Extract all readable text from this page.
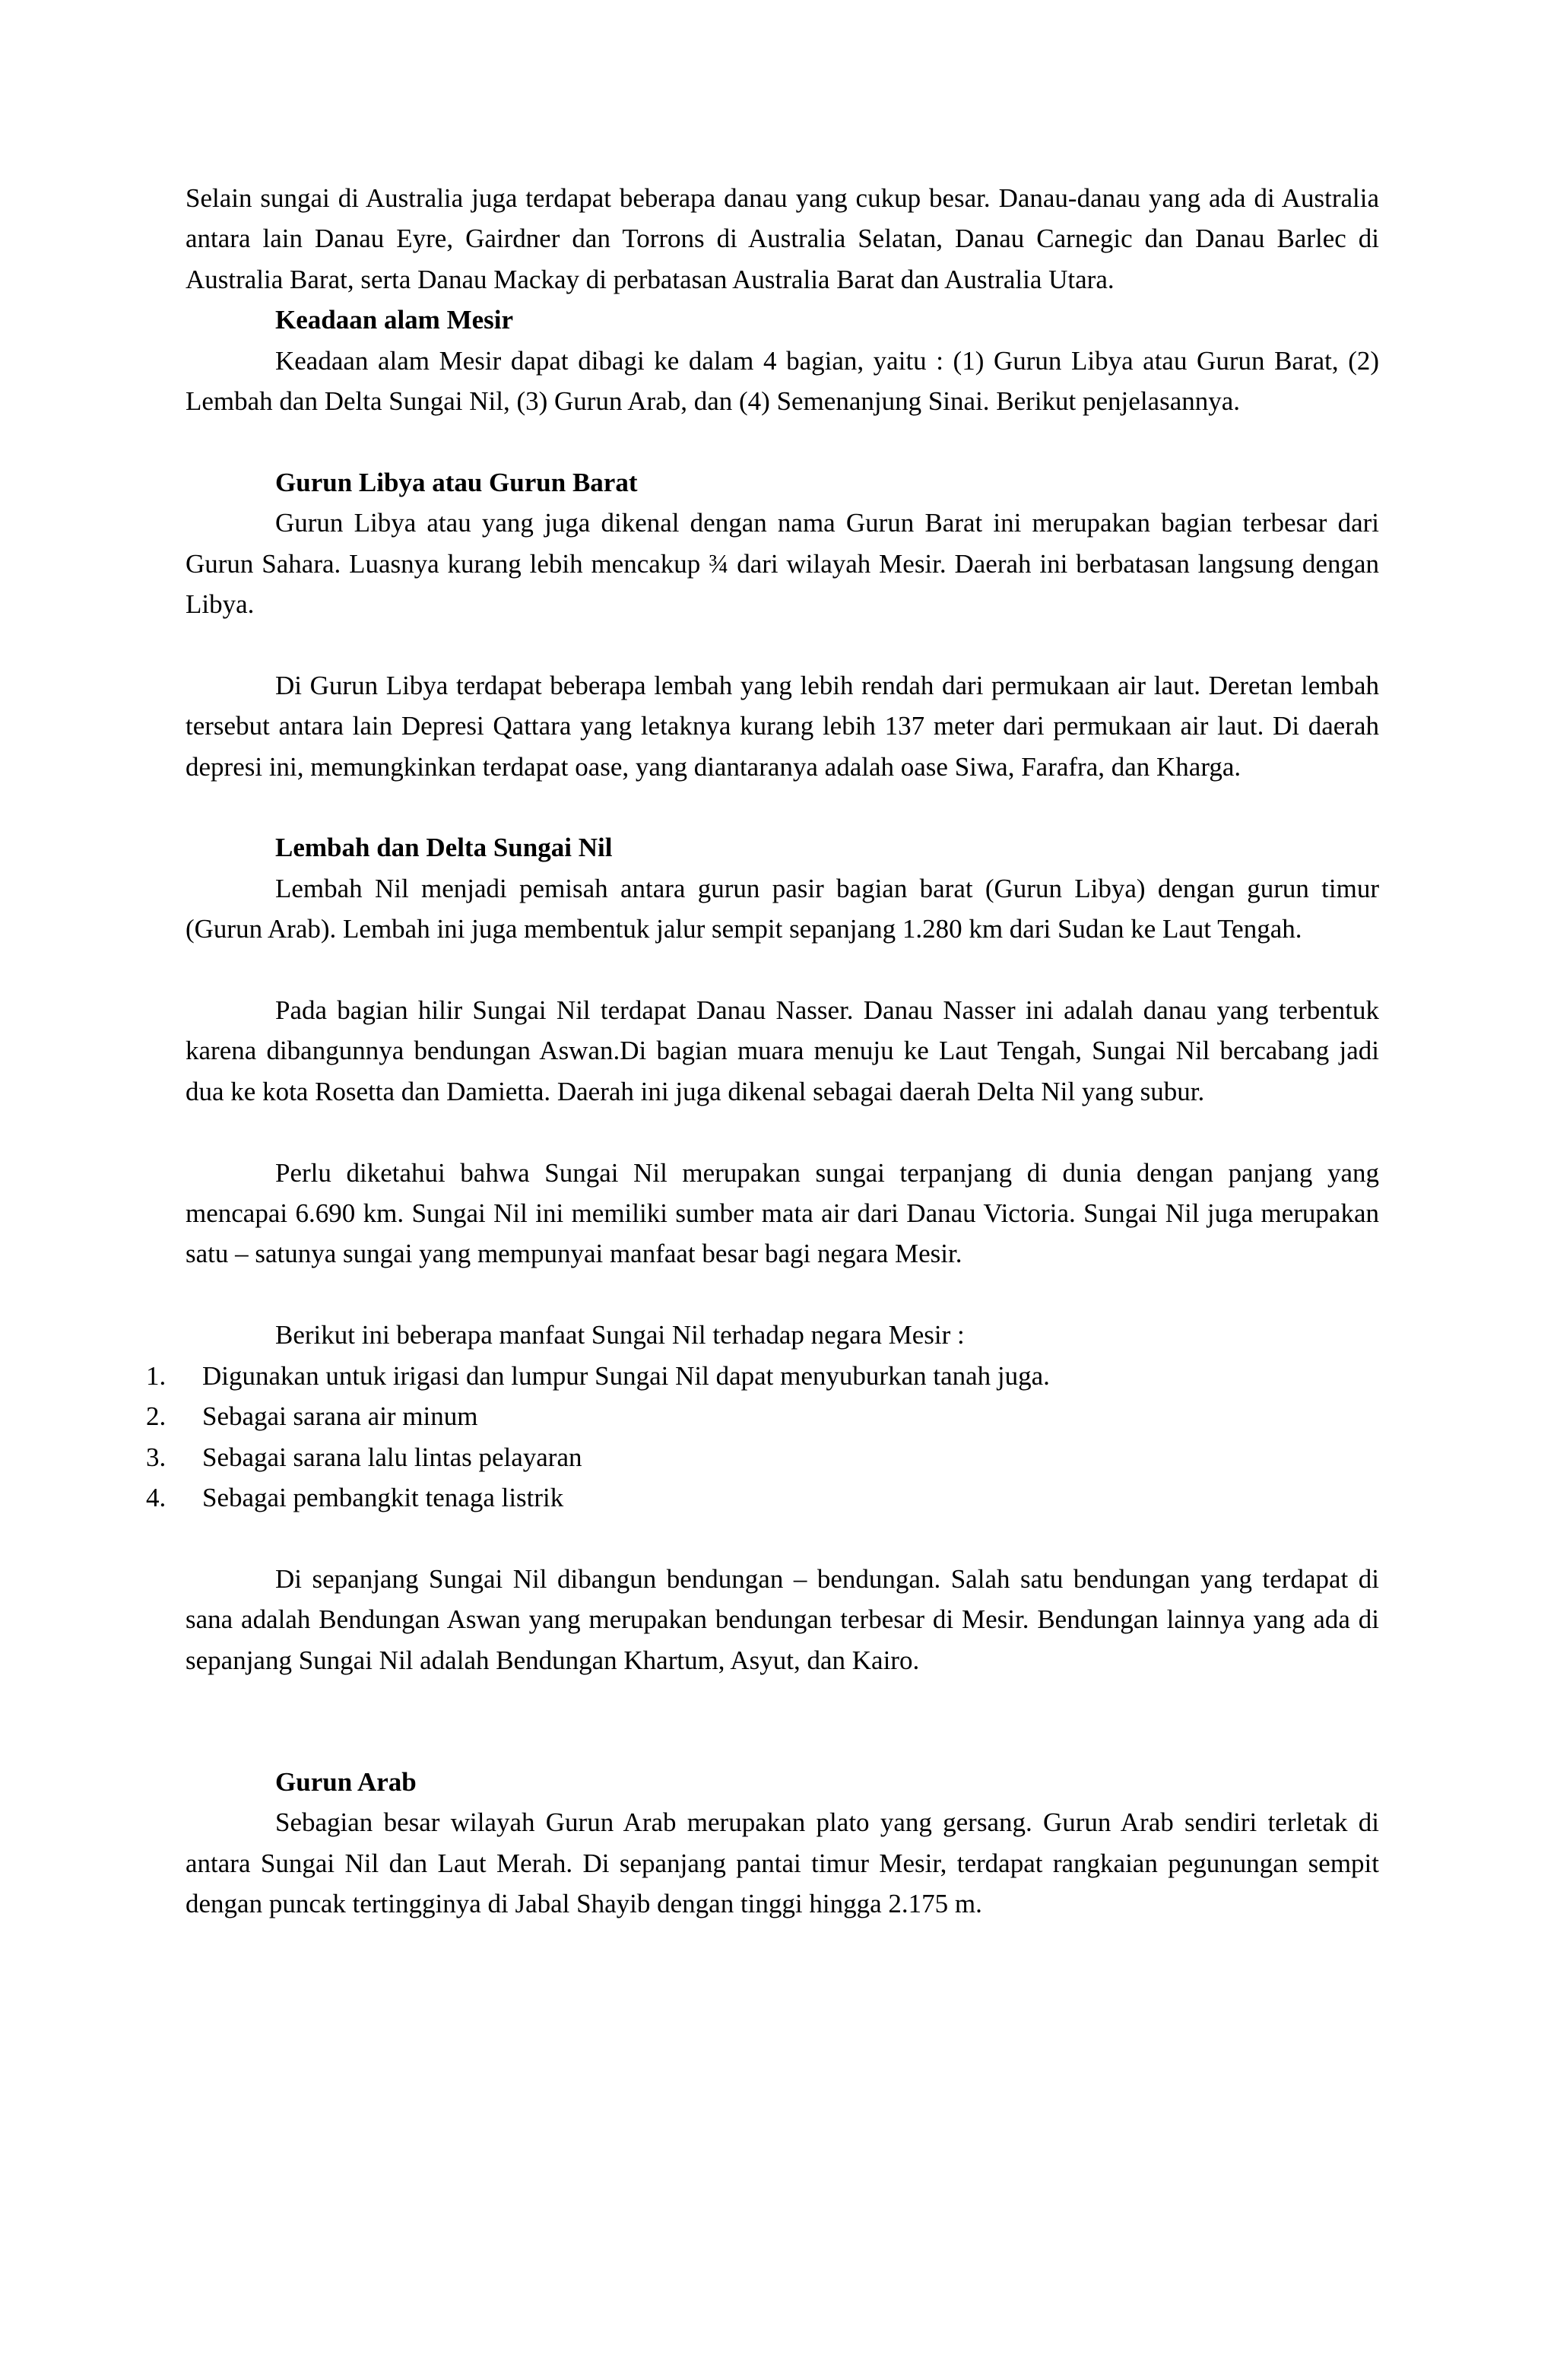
Selain sungai di Australia juga terdapat beberapa danau yang cukup besar. Danau-danau yang ada di Australia antara lain Danau Eyre, Gairdner dan Torrons di Australia Selatan, Danau Carnegic dan Danau Barlec di Australia Barat, serta Danau Mackay di perbatasan Australia Barat dan Australia Utara.

Keadaan alam Mesir

Keadaan alam Mesir dapat dibagi ke dalam 4 bagian, yaitu : (1) Gurun Libya atau Gurun Barat, (2) Lembah dan Delta Sungai Nil, (3) Gurun Arab, dan (4) Semenanjung Sinai. Berikut penjelasannya.

Gurun Libya atau Gurun Barat

Gurun Libya atau yang juga dikenal dengan nama Gurun Barat ini merupakan bagian terbesar dari Gurun Sahara. Luasnya kurang lebih mencakup ¾ dari wilayah Mesir. Daerah ini berbatasan langsung dengan Libya.

Di Gurun Libya terdapat beberapa lembah yang lebih rendah dari permukaan air laut. Deretan lembah tersebut antara lain Depresi Qattara yang letaknya kurang lebih 137 meter dari permukaan air laut. Di daerah depresi ini, memungkinkan terdapat oase, yang diantaranya adalah oase Siwa, Farafra, dan Kharga.

Lembah dan Delta Sungai Nil

Lembah Nil menjadi pemisah antara gurun pasir bagian barat (Gurun Libya) dengan gurun timur (Gurun Arab). Lembah ini juga membentuk jalur sempit sepanjang 1.280 km dari Sudan ke Laut Tengah.

Pada bagian hilir Sungai Nil terdapat Danau Nasser. Danau Nasser ini adalah danau yang terbentuk karena dibangunnya bendungan Aswan.Di bagian muara menuju ke Laut Tengah, Sungai Nil bercabang jadi dua ke kota Rosetta dan Damietta. Daerah ini juga dikenal sebagai daerah Delta Nil yang subur.

Perlu diketahui bahwa Sungai Nil merupakan sungai terpanjang di dunia dengan panjang yang mencapai 6.690 km. Sungai Nil ini memiliki sumber mata air dari Danau Victoria. Sungai Nil juga merupakan satu – satunya sungai yang mempunyai manfaat besar bagi negara Mesir.

Berikut ini beberapa manfaat Sungai Nil terhadap negara Mesir :

1.	Digunakan untuk irigasi dan lumpur Sungai Nil dapat menyuburkan tanah juga.
2.	Sebagai sarana air minum
3.	Sebagai sarana lalu lintas pelayaran
4.	Sebagai pembangkit tenaga listrik

Di sepanjang Sungai Nil dibangun bendungan – bendungan. Salah satu bendungan yang terdapat di sana adalah Bendungan Aswan yang merupakan bendungan terbesar di Mesir. Bendungan lainnya yang ada di sepanjang Sungai Nil adalah Bendungan Khartum, Asyut, dan Kairo.

Gurun Arab

Sebagian besar wilayah Gurun Arab merupakan plato yang gersang. Gurun Arab sendiri terletak di antara Sungai Nil dan Laut Merah. Di sepanjang pantai timur Mesir, terdapat rangkaian pegunungan sempit dengan puncak tertingginya di Jabal Shayib dengan tinggi hingga 2.175 m.
